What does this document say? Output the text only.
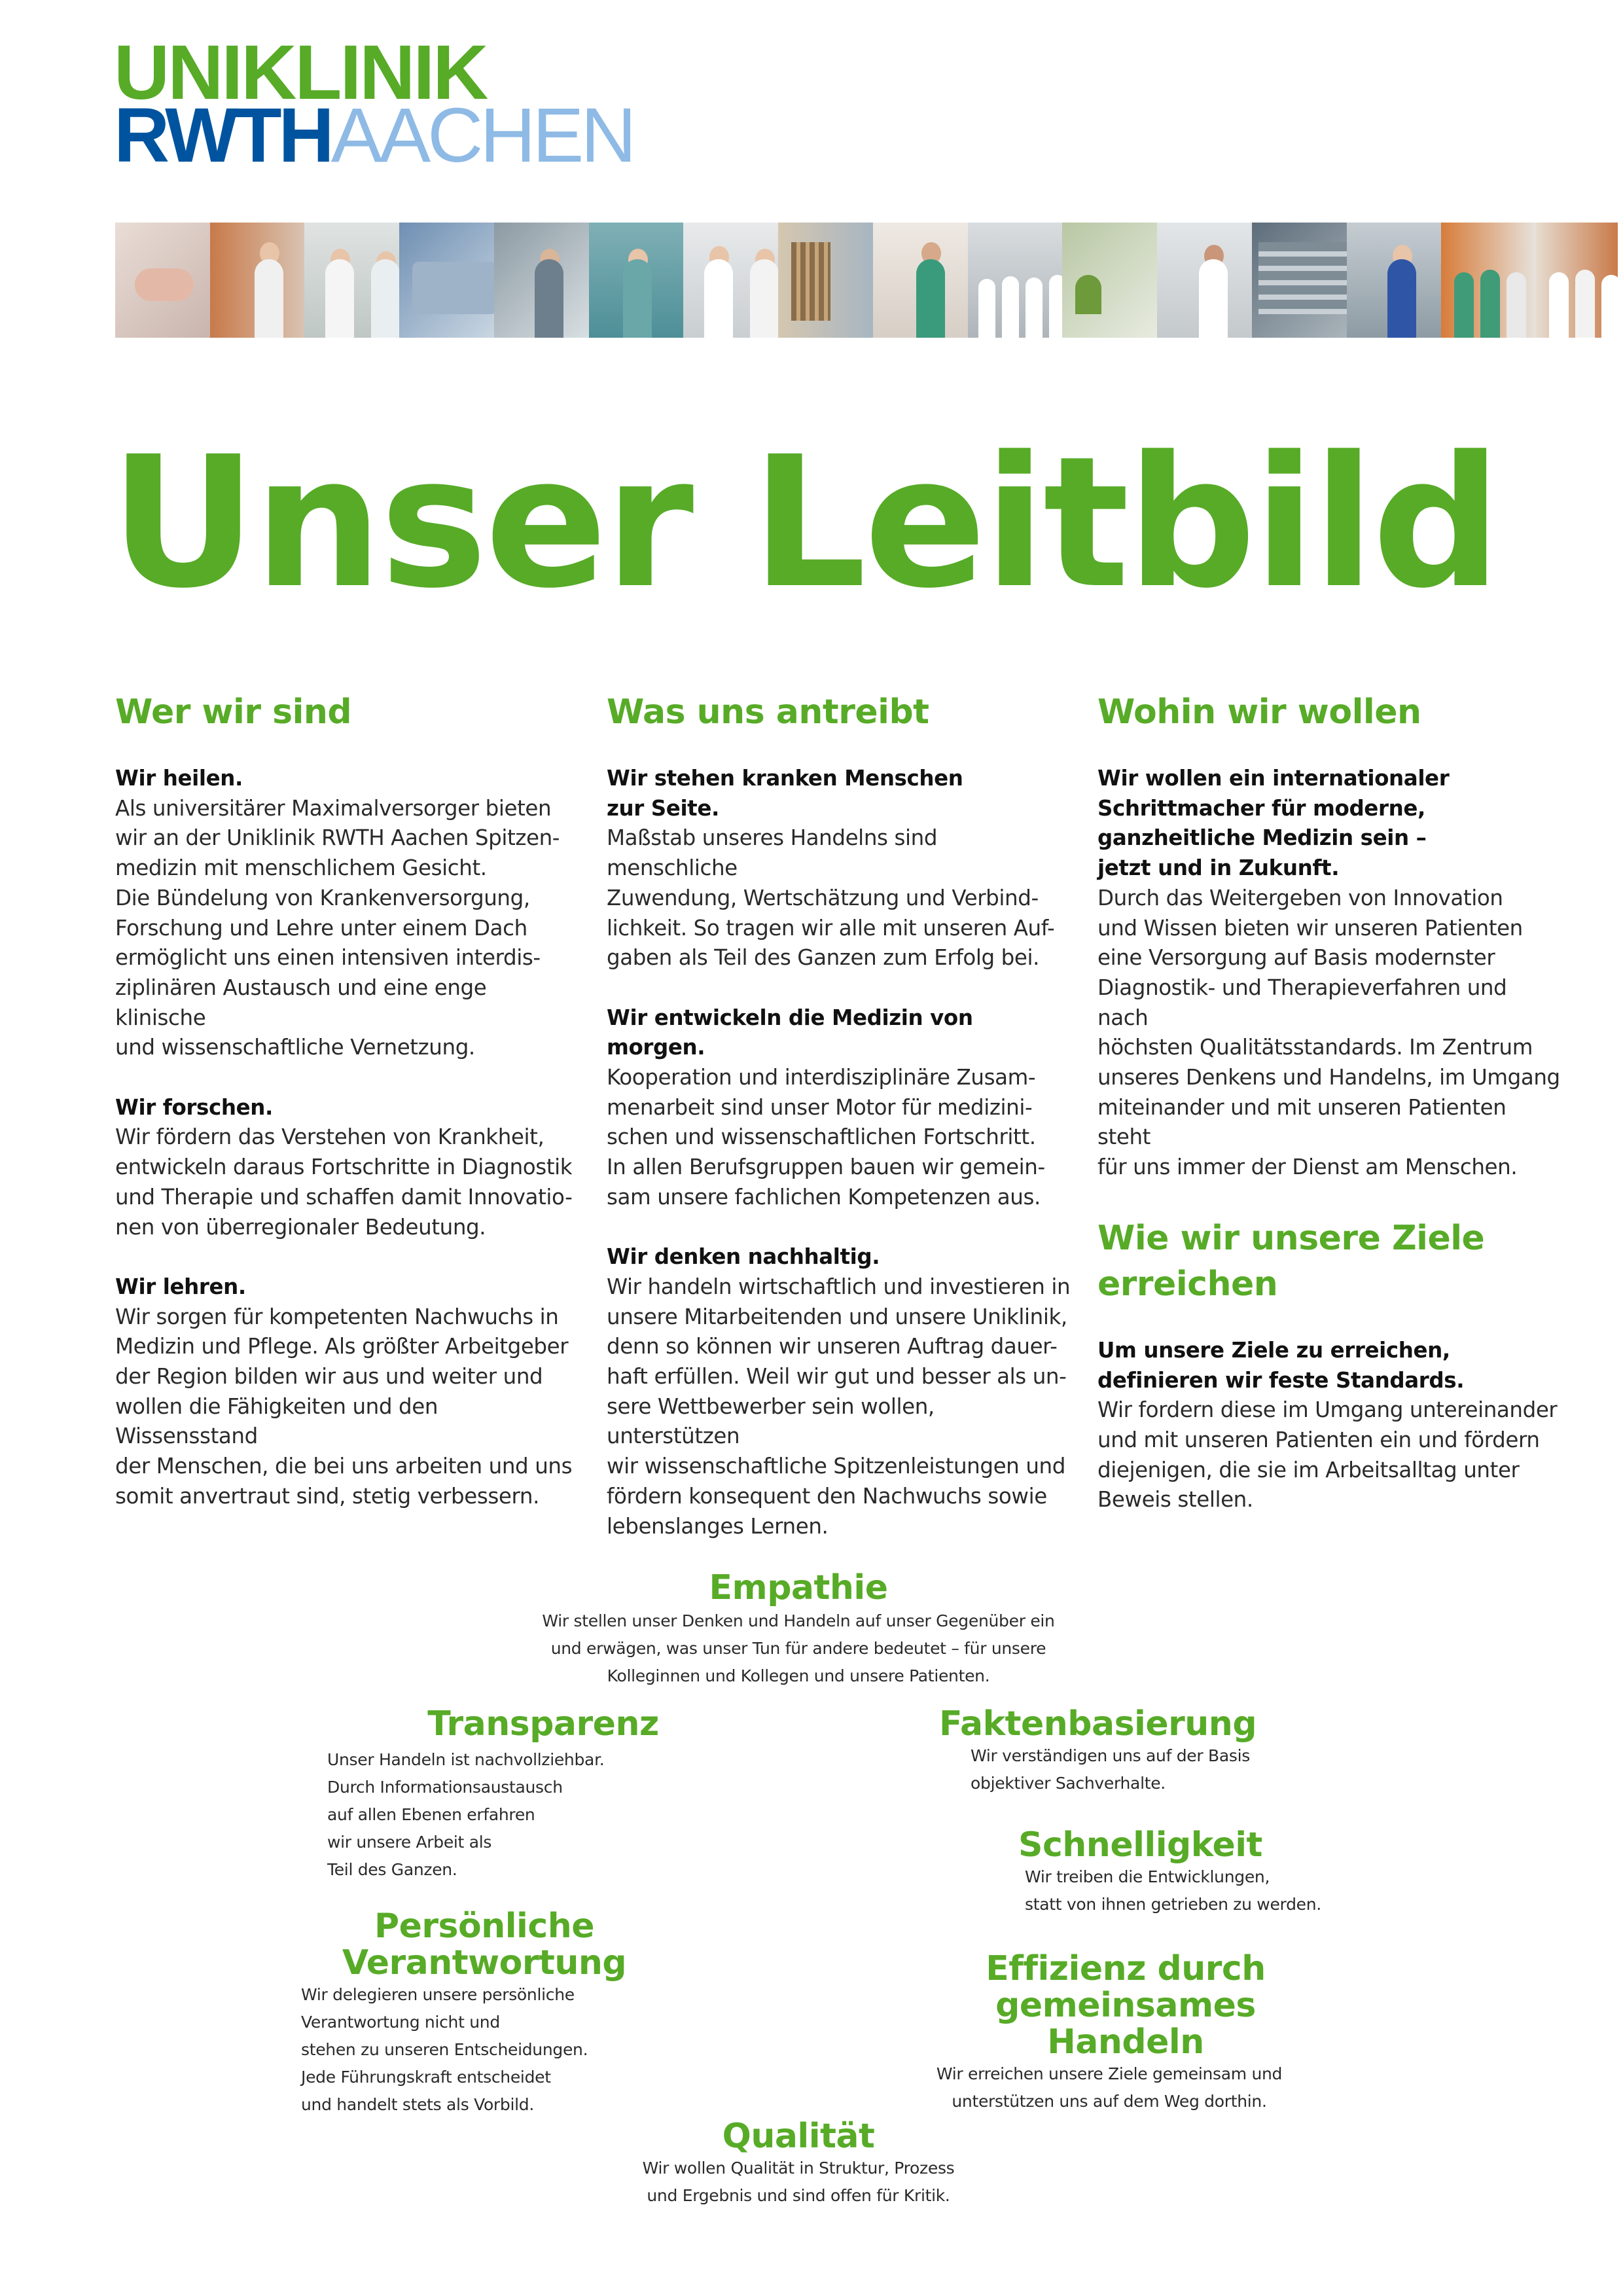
UNIKLINIK
RWTHAACHEN
Unser Leitbild
Wer wir sind

Wir heilen.

Als universitärer Maximalversorger bieten
wir an der Uniklinik RWTH Aachen Spitzen-
medizin mit menschlichem Gesicht.
Die Bündelung von Krankenversorgung,
Forschung und Lehre unter einem Dach
ermöglicht uns einen intensiven interdis-
ziplinären Austausch und eine enge klinische
und wissenschaftliche Vernetzung.

Wir forschen.

Wir fördern das Verstehen von Krankheit,
entwickeln daraus Fortschritte in Diagnostik
und Therapie und schaffen damit Innovatio-
nen von überregionaler Bedeutung.

Wir lehren.

Wir sorgen für kompetenten Nachwuchs in
Medizin und Pflege. Als größter Arbeitgeber
der Region bilden wir aus und weiter und
wollen die Fähigkeiten und den Wissensstand
der Menschen, die bei uns arbeiten und uns
somit anvertraut sind, stetig verbessern.

Was uns antreibt

Wir stehen kranken Menschen
zur Seite.

Maßstab unseres Handelns sind menschliche
Zuwendung, Wertschätzung und Verbind-
lichkeit. So tragen wir alle mit unseren Auf-
gaben als Teil des Ganzen zum Erfolg bei.

Wir entwickeln die Medizin von morgen.

Kooperation und interdisziplinäre Zusam-
menarbeit sind unser Motor für medizini-
schen und wissenschaftlichen Fortschritt.
In allen Berufsgruppen bauen wir gemein-
sam unsere fachlichen Kompetenzen aus.

Wir denken nachhaltig.

Wir handeln wirtschaftlich und investieren in
unsere Mitarbeitenden und unsere Uniklinik,
denn so können wir unseren Auftrag dauer-
haft erfüllen. Weil wir gut und besser als un-
sere Wettbewerber sein wollen, unterstützen
wir wissenschaftliche Spitzenleistungen und
fördern konsequent den Nachwuchs sowie
lebenslanges Lernen.

Wohin wir wollen

Wir wollen ein internationaler
Schrittmacher für moderne,
ganzheitliche Medizin sein –
jetzt und in Zukunft.

Durch das Weitergeben von Innovation
und Wissen bieten wir unseren Patienten
eine Versorgung auf Basis modernster
Diagnostik- und Therapieverfahren und nach
höchsten Qualitätsstandards. Im Zentrum
unseres Denkens und Handelns, im Umgang
miteinander und mit unseren Patienten steht
für uns immer der Dienst am Menschen.

Wie wir unsere Ziele
erreichen

Um unsere Ziele zu erreichen,
definieren wir feste Standards.

Wir fordern diese im Umgang untereinander
und mit unseren Patienten ein und fördern
diejenigen, die sie im Arbeitsalltag unter
Beweis stellen.

Empathie
Wir stellen unser Denken und Handeln auf unser Gegenüber ein
und erwägen, was unser Tun für andere bedeutet – für unsere
Kolleginnen und Kollegen und unsere Patienten.
Transparenz
Unser Handeln ist nachvollziehbar.
Durch Informationsaustausch
auf allen Ebenen erfahren
wir unsere Arbeit als
Teil des Ganzen.
Faktenbasierung
Wir verständigen uns auf der Basis
objektiver Sachverhalte.
Schnelligkeit
Wir treiben die Entwicklungen,
statt von ihnen getrieben zu werden.
Persönliche
Verantwortung
Wir delegieren unsere persönliche
Verantwortung nicht und
stehen zu unseren Entscheidungen.
Jede Führungskraft entscheidet
und handelt stets als Vorbild.
Effizienz durch
gemeinsames
Handeln
Wir erreichen unsere Ziele gemeinsam und
unterstützen uns auf dem Weg dorthin.
Qualität
Wir wollen Qualität in Struktur, Prozess
und Ergebnis und sind offen für Kritik.
